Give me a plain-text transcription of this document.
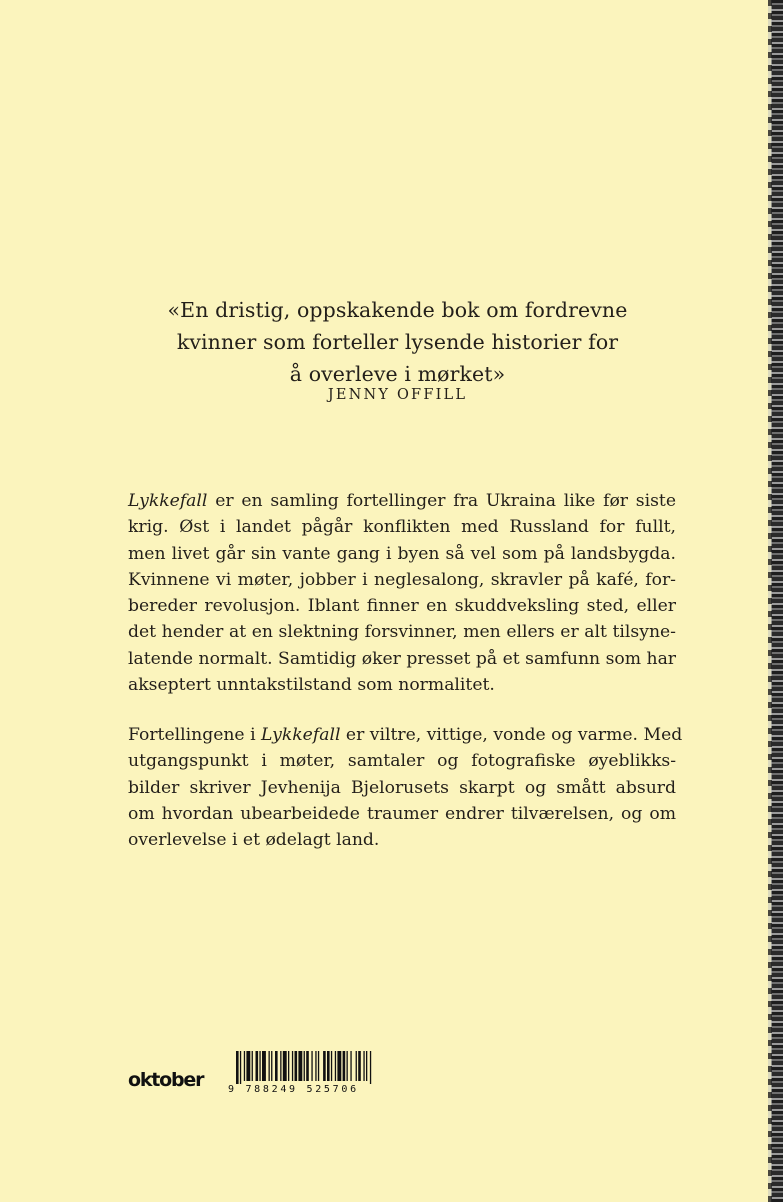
«En dristig, oppskakende bok om fordrevne
kvinner som forteller lysende historier for
å overleve i mørket»
JENNY OFFILL
Lykkefall er en samling fortellinger fra Ukraina like før siste
krig. Øst i landet pågår konflikten med Russland for fullt,
men livet går sin vante gang i byen så vel som på landsbygda.
Kvinnene vi møter, jobber i neglesalong, skravler på kafé, for-
bereder revolusjon. Iblant finner en skuddveksling sted, eller
det hender at en slektning forsvinner, men ellers er alt tilsyne-
latende normalt. Samtidig øker presset på et samfunn som har
akseptert unntakstilstand som normalitet.
Fortellingene i Lykkefall er viltre, vittige, vonde og varme. Med
utgangspunkt i møter, samtaler og fotografiske øyeblikks-
bilder skriver Jevhenija Bjelorusets skarpt og smått absurd
om hvordan ubearbeidede traumer endrer tilværelsen, og om
overlevelse i et ødelagt land.
oktober 9 788249 525706
